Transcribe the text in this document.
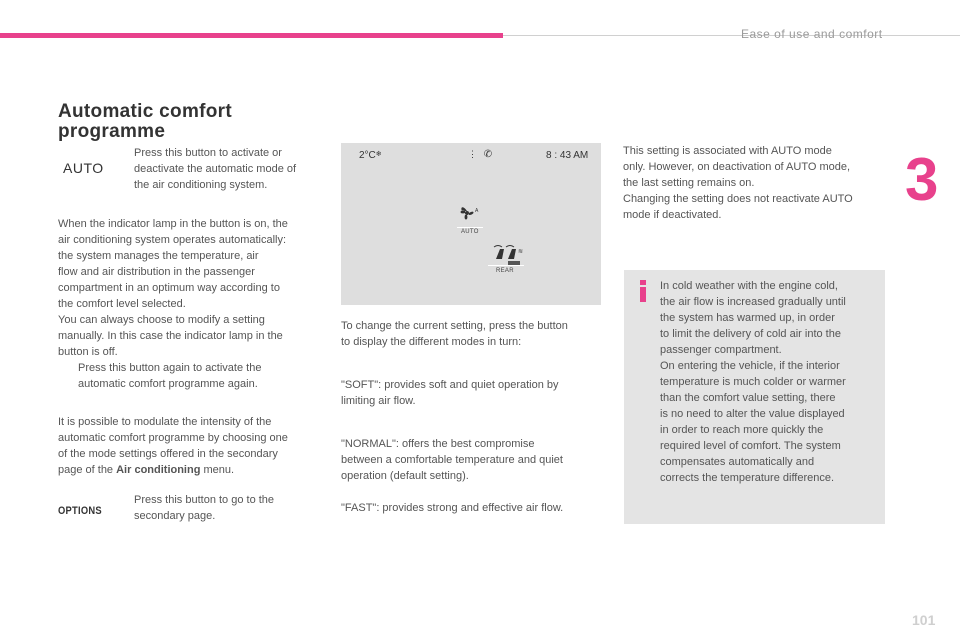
Ease of use and comfort
3
101
Automatic comfort
programme
AUTO
Press this button to activate or
deactivate the automatic mode of
the air conditioning system.
When the indicator lamp in the button is on, the
air conditioning system operates automatically:
the system manages the temperature, air
flow and air distribution in the passenger
compartment in an optimum way according to
the comfort level selected.
You can always choose to modify a setting
manually. In this case the indicator lamp in the
button is off.
Press this button again to activate the
automatic comfort programme again.
It is possible to modulate the intensity of the
automatic comfort programme by choosing one
of the mode settings offered in the secondary
page of the Air conditioning menu.
OPTIONS
Press this button to go to the
secondary page.
2°C❄	⋮ ✆	8 : 43 AM
A
AUTO
≋
REAR
To change the current setting, press the button
to display the different modes in turn:
"SOFT": provides soft and quiet operation by
limiting air flow.
"NORMAL": offers the best compromise
between a comfortable temperature and quiet
operation (default setting).
"FAST": provides strong and effective air flow.
This setting is associated with AUTO mode
only. However, on deactivation of AUTO mode,
the last setting remains on.
Changing the setting does not reactivate AUTO
mode if deactivated.
In cold weather with the engine cold,
the air flow is increased gradually until
the system has warmed up, in order
to limit the delivery of cold air into the
passenger compartment.
On entering the vehicle, if the interior
temperature is much colder or warmer
than the comfort value setting, there
is no need to alter the value displayed
in order to reach more quickly the
required level of comfort. The system
compensates automatically and
corrects the temperature difference.
